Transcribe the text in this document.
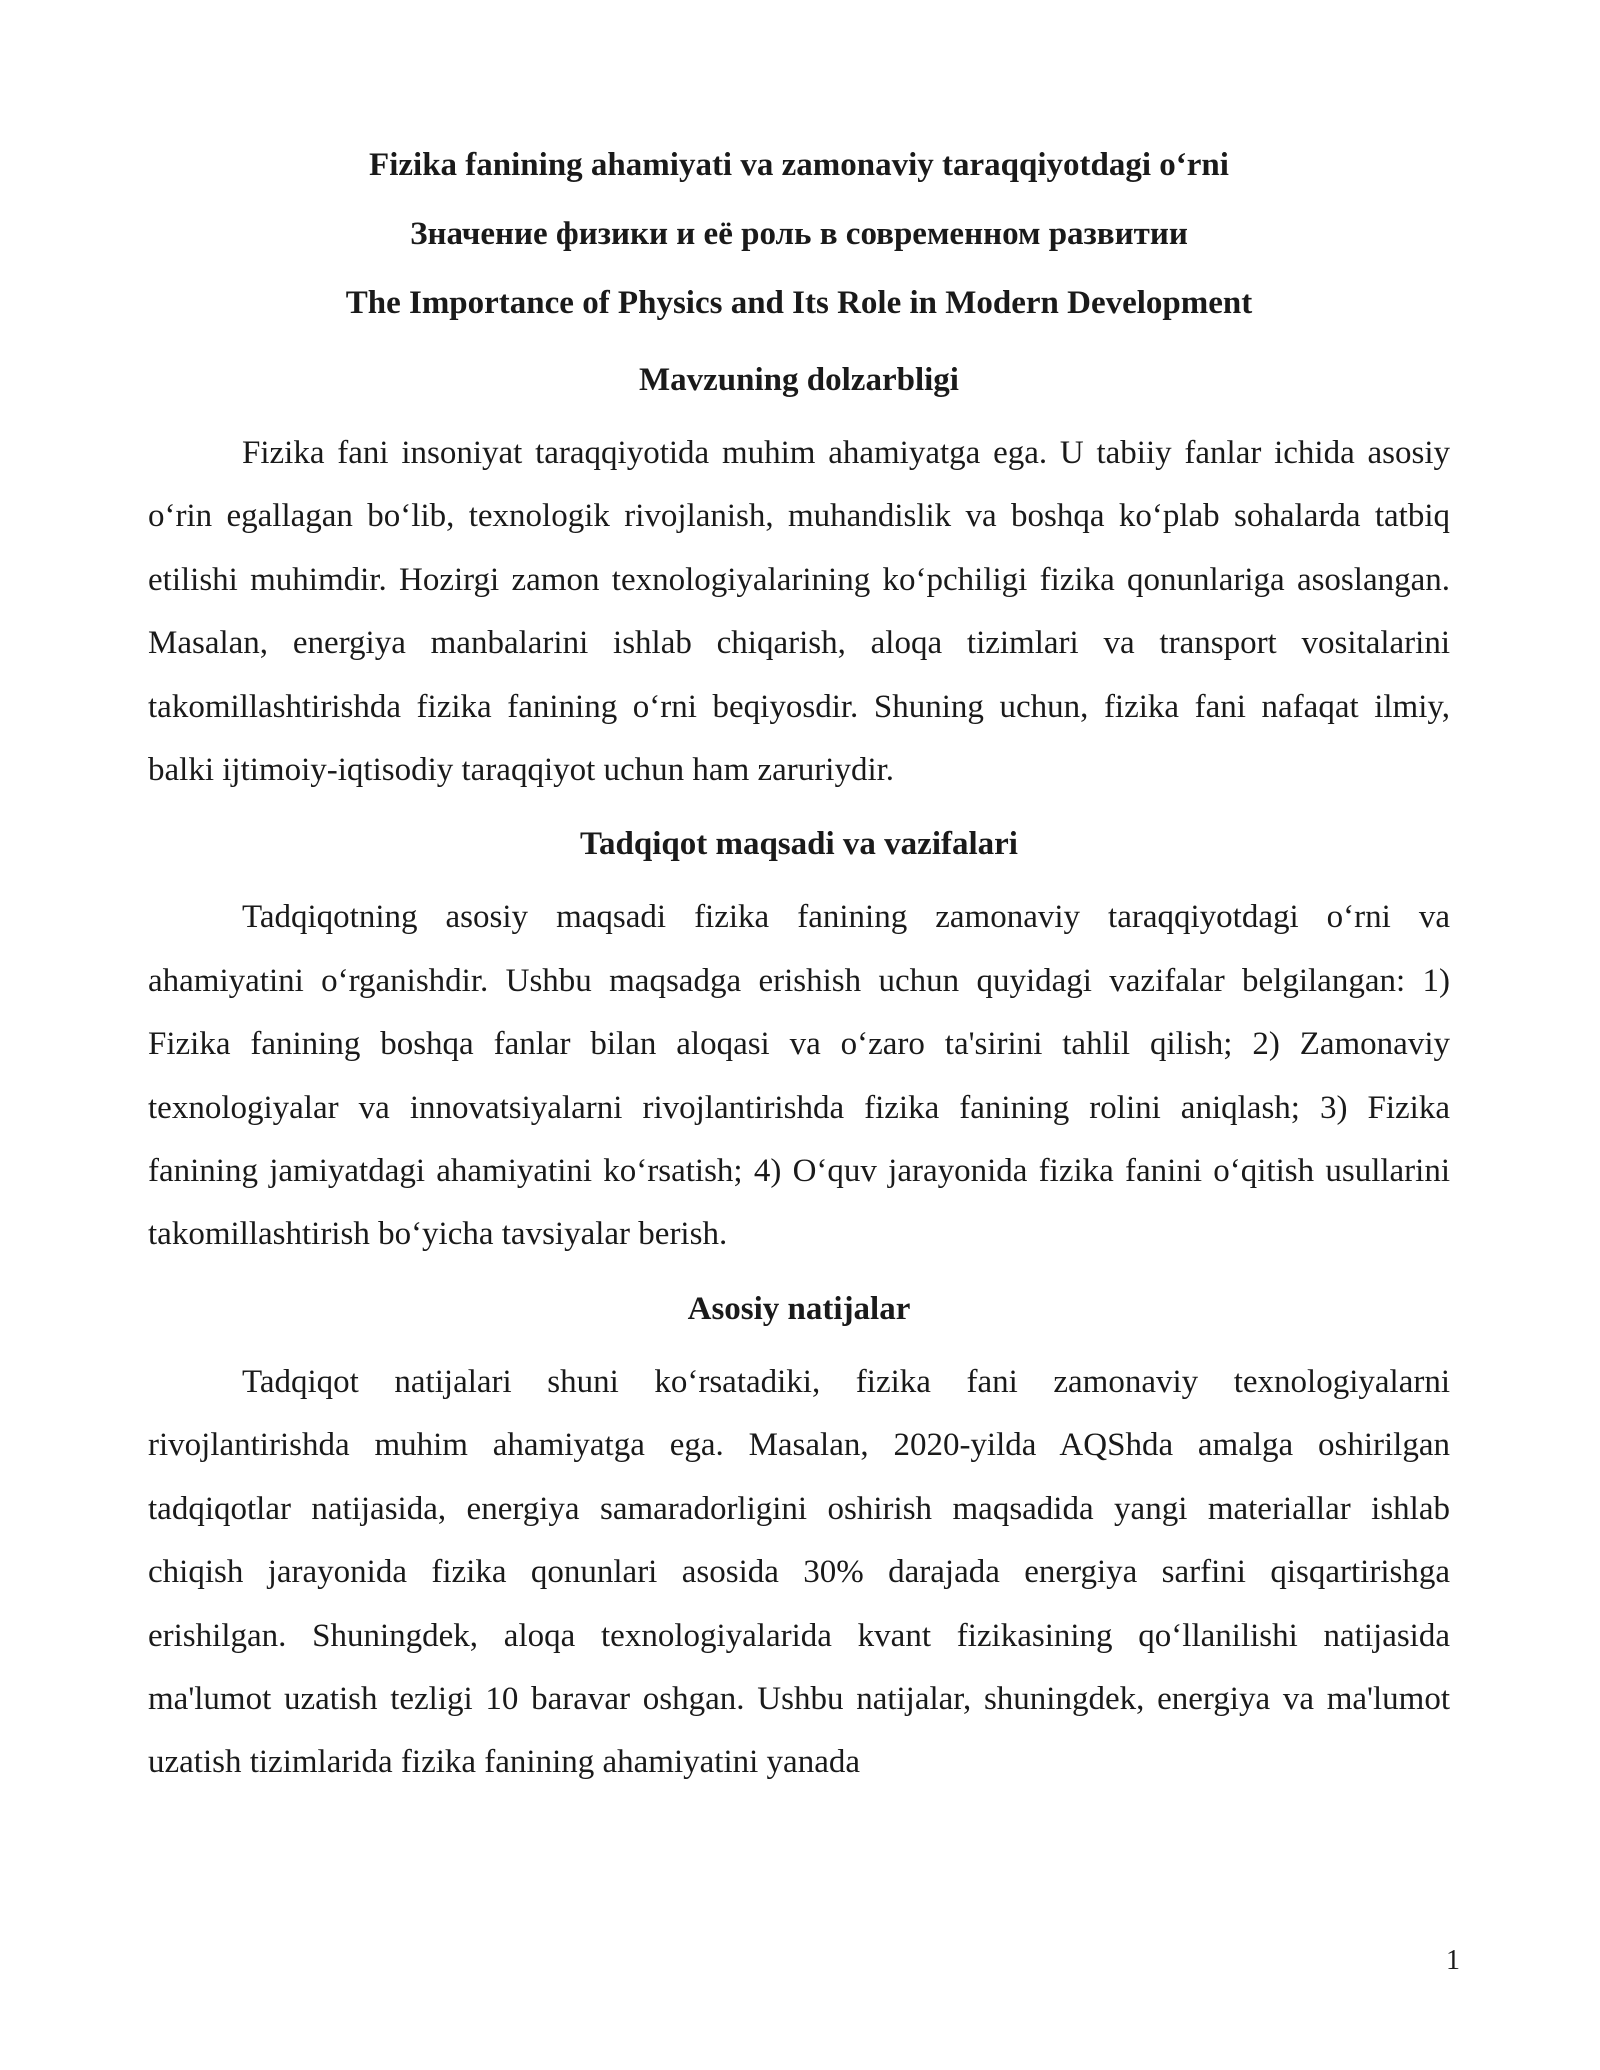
Fizika fanining ahamiyati va zamonaviy taraqqiyotdagi o‘rni
Значение физики и её роль в современном развитии
The Importance of Physics and Its Role in Modern Development
Mavzuning dolzarbligi

Fizika fani insoniyat taraqqiyotida muhim ahamiyatga ega. U tabiiy fanlar ichida asosiy o‘rin egallagan bo‘lib, texnologik rivojlanish, muhandislik va boshqa ko‘plab sohalarda tatbiq etilishi muhimdir. Hozirgi zamon texnologiyalarining ko‘pchiligi fizika qonunlariga asoslangan. Masalan, energiya manbalarini ishlab chiqarish, aloqa tizimlari va transport vositalarini takomillashtirishda fizika fanining o‘rni beqiyosdir. Shuning uchun, fizika fani nafaqat ilmiy, balki ijtimoiy-iqtisodiy taraqqiyot uchun ham zaruriydir.

Tadqiqot maqsadi va vazifalari

Tadqiqotning asosiy maqsadi fizika fanining zamonaviy taraqqiyotdagi o‘rni va ahamiyatini o‘rganishdir. Ushbu maqsadga erishish uchun quyidagi vazifalar belgilangan: 1) Fizika fanining boshqa fanlar bilan aloqasi va o‘zaro ta'sirini tahlil qilish; 2) Zamonaviy texnologiyalar va innovatsiyalarni rivojlantirishda fizika fanining rolini aniqlash; 3) Fizika fanining jamiyatdagi ahamiyatini ko‘rsatish; 4) O‘quv jarayonida fizika fanini o‘qitish usullarini takomillashtirish bo‘yicha tavsiyalar berish.

Asosiy natijalar

Tadqiqot natijalari shuni ko‘rsatadiki, fizika fani zamonaviy texnologiyalarni rivojlantirishda muhim ahamiyatga ega. Masalan, 2020-yilda AQShda amalga oshirilgan tadqiqotlar natijasida, energiya samaradorligini oshirish maqsadida yangi materiallar ishlab chiqish jarayonida fizika qonunlari asosida 30% darajada energiya sarfini qisqartirishga erishilgan. Shuningdek, aloqa texnologiyalarida kvant fizikasining qo‘llanilishi natijasida ma'lumot uzatish tezligi 10 baravar oshgan. Ushbu natijalar, shuningdek, energiya va ma'lumot uzatish tizimlarida fizika fanining ahamiyatini yanada

1
